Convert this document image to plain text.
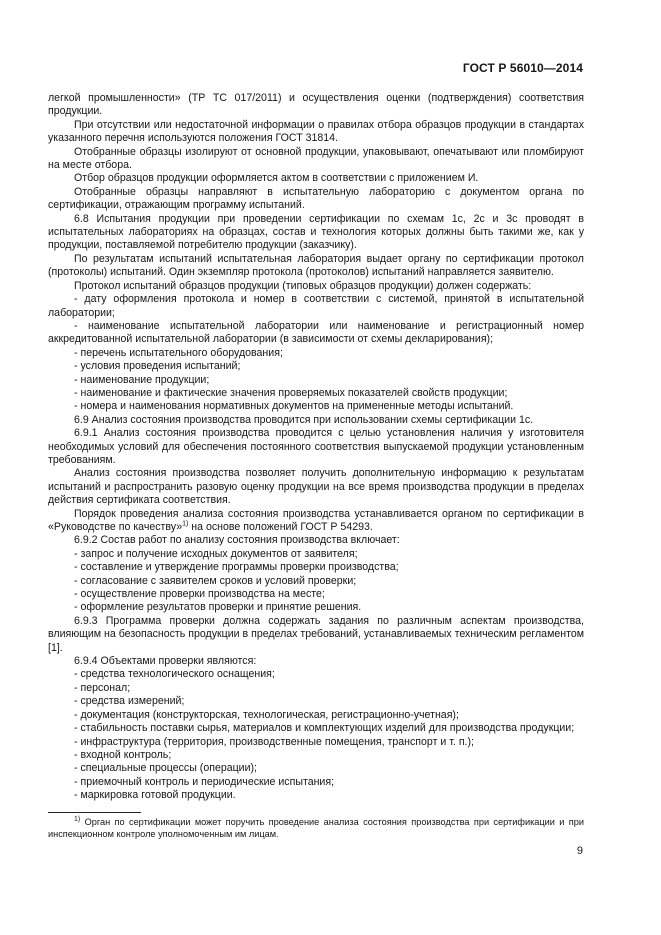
ГОСТ Р 56010—2014

легкой промышленности» (ТР ТС 017/2011) и осуществления оценки (подтверждения) соответствия продукции.

При отсутствии или недостаточной информации о правилах отбора образцов продукции в стандартах указанного перечня используются положения ГОСТ 31814.

Отобранные образцы изолируют от основной продукции, упаковывают, опечатывают или пломбируют на месте отбора.

Отбор образцов продукции оформляется актом в соответствии с приложением И.

Отобранные образцы направляют в испытательную лабораторию с документом органа по сертификации, отражающим программу испытаний.

6.8 Испытания продукции при проведении сертификации по схемам 1с, 2с и 3с проводят в испытательных лабораториях на образцах, состав и технология которых должны быть такими же, как у продукции, поставляемой потребителю продукции (заказчику).

По результатам испытаний испытательная лаборатория выдает органу по сертификации протокол (протоколы) испытаний. Один экземпляр протокола (протоколов) испытаний направляется заявителю.

Протокол испытаний образцов продукции (типовых образцов продукции) должен содержать:

- дату оформления протокола и номер в соответствии с системой, принятой в испытательной лаборатории;

- наименование испытательной лаборатории или наименование и регистрационный номер аккредитованной испытательной лаборатории (в зависимости от схемы декларирования);

- перечень испытательного оборудования;

- условия проведения испытаний;

- наименование продукции;

- наименование и фактические значения проверяемых показателей свойств продукции;

- номера и наименования нормативных документов на примененные методы испытаний.

6.9 Анализ состояния производства проводится при использовании схемы сертификации 1с.

6.9.1 Анализ состояния производства проводится с целью установления наличия у изготовителя необходимых условий для обеспечения постоянного соответствия выпускаемой продукции установленным требованиям.

Анализ состояния производства позволяет получить дополнительную информацию к результатам испытаний и распространить разовую оценку продукции на все время производства продукции в пределах действия сертификата соответствия.

Порядок проведения анализа состояния производства устанавливается органом по сертификации в «Руководстве по качеству»$^{1)}$ на основе положений ГОСТ Р 54293.

6.9.2 Состав работ по анализу состояния производства включает:

- запрос и получение исходных документов от заявителя;

- составление и утверждение программы проверки производства;

- согласование с заявителем сроков и условий проверки;

- осуществление проверки производства на месте;

- оформление результатов проверки и принятие решения.

6.9.3 Программа проверки должна содержать задания по различным аспектам производства, влияющим на безопасность продукции в пределах требований, устанавливаемых техническим регламентом [1].

6.9.4 Объектами проверки являются:

- средства технологического оснащения;

- персонал;

- средства измерений;

- документация (конструкторская, технологическая, регистрационно-учетная);

- стабильность поставки сырья, материалов и комплектующих изделий для производства продукции;

- инфраструктура (территория, производственные помещения, транспорт и т. п.);

- входной контроль;

- специальные процессы (операции);

- приемочный контроль и периодические испытания;

- маркировка готовой продукции.

$^{1)}$ Орган по сертификации может поручить проведение анализа состояния производства при сертификации и при инспекционном контроле уполномоченным им лицам.
9
